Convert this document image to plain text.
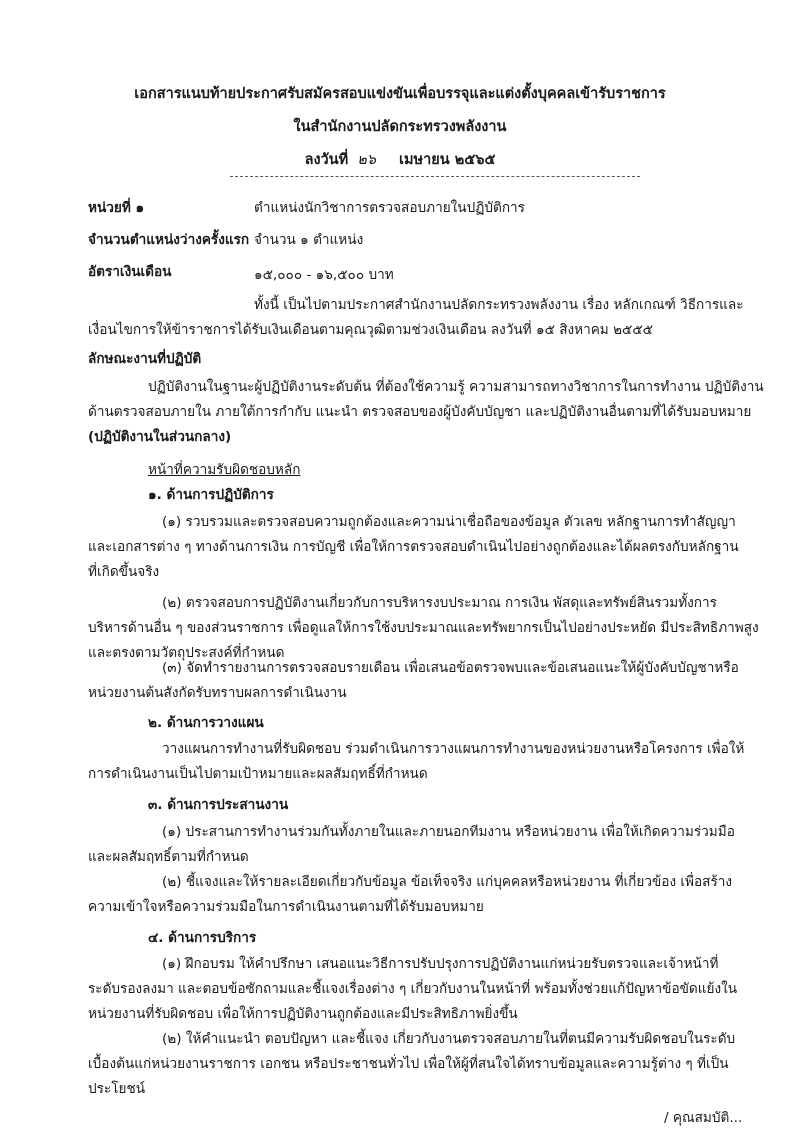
เอกสารแนบท้ายประกาศรับสมัครสอบแข่งขันเพื่อบรรจุและแต่งตั้งบุคคลเข้ารับราชการ
ในสำนักงานปลัดกระทรวงพลังงาน
ลงวันที่ ๒๖ เมษายน ๒๕๖๕
หน่วยที่ ๑	ตำแหน่งนักวิชาการตรวจสอบภายในปฏิบัติการ
จำนวนตำแหน่งว่างครั้งแรก จำนวน ๑ ตำแหน่ง
อัตราเงินเดือน	๑๕,๐๐๐ - ๑๖,๕๐๐ บาท
ทั้งนี้ เป็นไปตามประกาศสำนักงานปลัดกระทรวงพลังงาน เรื่อง หลักเกณฑ์ วิธีการและ
เงื่อนไขการให้ข้าราชการได้รับเงินเดือนตามคุณวุฒิตามช่วงเงินเดือน ลงวันที่ ๑๕ สิงหาคม ๒๕๕๕
ลักษณะงานที่ปฏิบัติ
ปฏิบัติงานในฐานะผู้ปฏิบัติงานระดับต้น ที่ต้องใช้ความรู้ ความสามารถทางวิชาการในการทำงาน ปฏิบัติงาน
ด้านตรวจสอบภายใน ภายใต้การกำกับ แนะนำ ตรวจสอบของผู้บังคับบัญชา และปฏิบัติงานอื่นตามที่ได้รับมอบหมาย
(ปฏิบัติงานในส่วนกลาง)
หน้าที่ความรับผิดชอบหลัก
๑. ด้านการปฏิบัติการ
(๑) รวบรวมและตรวจสอบความถูกต้องและความน่าเชื่อถือของข้อมูล ตัวเลข หลักฐานการทำสัญญา
และเอกสารต่าง ๆ ทางด้านการเงิน การบัญชี เพื่อให้การตรวจสอบดำเนินไปอย่างถูกต้องและได้ผลตรงกับหลักฐาน
ที่เกิดขึ้นจริง
(๒) ตรวจสอบการปฏิบัติงานเกี่ยวกับการบริหารงบประมาณ การเงิน พัสดุและทรัพย์สินรวมทั้งการ
บริหารด้านอื่น ๆ ของส่วนราชการ เพื่อดูแลให้การใช้งบประมาณและทรัพยากรเป็นไปอย่างประหยัด มีประสิทธิภาพสูง
และตรงตามวัตถุประสงค์ที่กำหนด
(๓) จัดทำรายงานการตรวจสอบรายเดือน เพื่อเสนอข้อตรวจพบและข้อเสนอแนะให้ผู้บังคับบัญชาหรือ
หน่วยงานต้นสังกัดรับทราบผลการดำเนินงาน
๒. ด้านการวางแผน
วางแผนการทำงานที่รับผิดชอบ ร่วมดำเนินการวางแผนการทำงานของหน่วยงานหรือโครงการ เพื่อให้
การดำเนินงานเป็นไปตามเป้าหมายและผลสัมฤทธิ์ที่กำหนด
๓. ด้านการประสานงาน
(๑) ประสานการทำงานร่วมกันทั้งภายในและภายนอกทีมงาน หรือหน่วยงาน เพื่อให้เกิดความร่วมมือ
และผลสัมฤทธิ์ตามที่กำหนด
(๒) ชี้แจงและให้รายละเอียดเกี่ยวกับข้อมูล ข้อเท็จจริง แก่บุคคลหรือหน่วยงาน ที่เกี่ยวข้อง เพื่อสร้าง
ความเข้าใจหรือความร่วมมือในการดำเนินงานตามที่ได้รับมอบหมาย
๔. ด้านการบริการ
(๑) ฝึกอบรม ให้คำปรึกษา เสนอแนะวิธีการปรับปรุงการปฏิบัติงานแก่หน่วยรับตรวจและเจ้าหน้าที่
ระดับรองลงมา และตอบข้อซักถามและชี้แจงเรื่องต่าง ๆ เกี่ยวกับงานในหน้าที่ พร้อมทั้งช่วยแก้ปัญหาข้อขัดแย้งใน
หน่วยงานที่รับผิดชอบ เพื่อให้การปฏิบัติงานถูกต้องและมีประสิทธิภาพยิ่งขึ้น
(๒) ให้คำแนะนำ ตอบปัญหา และชี้แจง เกี่ยวกับงานตรวจสอบภายในที่ตนมีความรับผิดชอบในระดับ
เบื้องต้นแก่หน่วยงานราชการ เอกชน หรือประชาชนทั่วไป เพื่อให้ผู้ที่สนใจได้ทราบข้อมูลและความรู้ต่าง ๆ ที่เป็น
ประโยชน์
/ คุณสมบัติ...
